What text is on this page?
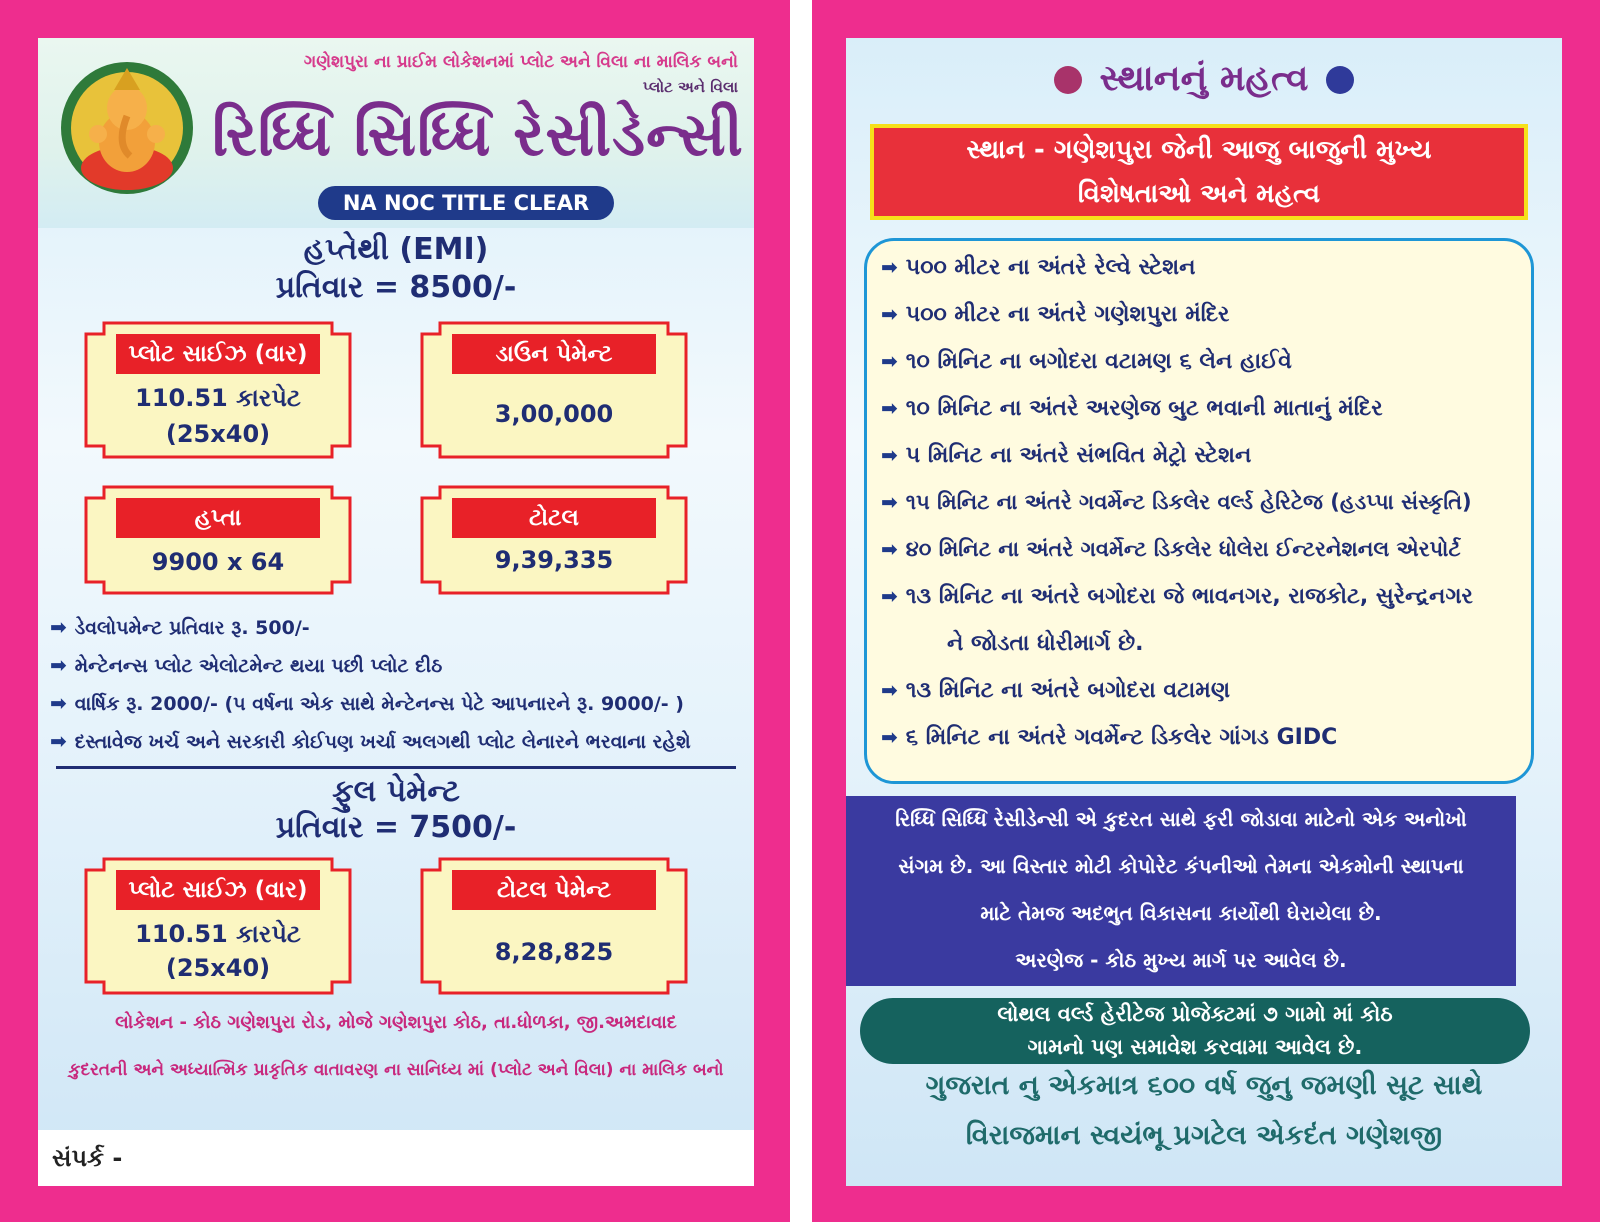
ગણેશપુરા ના પ્રાઈમ લોકેશનમાં પ્લોટ અને વિલા ના માલિક બનો
પ્લોટ અને વિલા
રિધ્ધિ સિધ્ધિ રેસીડેન્સી
NA NOC TITLE CLEAR
હપ્તેથી (EMI)
પ્રતિવાર = 8500/-
પ્લોટ સાઈઝ (વાર)
110.51 કારપેટ
(25x40)
ડાઉન પેમેન્ટ
3,00,000
હપ્તા
9900 x 64
ટોટલ
9,39,335
➡ ડેવલોપમેન્ટ પ્રતિવાર રૂ. 500/-
➡ મેન્ટેનન્સ પ્લોટ એલોટમેન્ટ થયા પછી પ્લોટ દીઠ
➡ વાર્ષિક રૂ. 2000/- (૫ વર્ષના એક સાથે મેન્ટેનન્સ પેટે આપનારને રૂ. 9000/- )
➡ દસ્તાવેજ ખર્ચ અને સરકારી કોઈપણ ખર્ચા અલગથી પ્લોટ લેનારને ભરવાના રહેશે
ફુલ પેમેન્ટ
પ્રતિવાર = 7500/-
પ્લોટ સાઈઝ (વાર)
110.51 કારપેટ
(25x40)
ટોટલ પેમેન્ટ
8,28,825
લોકેશન - કોઠ ગણેશપુરા રોડ, મોજે ગણેશપુરા કોઠ, તા.ધોળકા, જી.અમદાવાદ
કુદરતની અને અધ્યાત્મિક પ્રાકૃતિક વાતાવરણ ના સાનિધ્ય માં (પ્લોટ અને વિલા) ના માલિક બનો
સંપર્ક -
સ્થાનનું મહત્વ
સ્થાન - ગણેશપુરા જેની આજુ બાજુની મુખ્ય
વિશેષતાઓ અને મહત્વ
➡ ૫૦૦ મીટર ના અંતરે રેલ્વે સ્ટેશન
➡ ૫૦૦ મીટર ના અંતરે ગણેશપુરા મંદિર
➡ ૧૦ મિનિટ ના બગોદરા વટામણ ૬ લેન હાઈવે
➡ ૧૦ મિનિટ ના અંતરે અરણેજ બુટ ભવાની માતાનું મંદિર
➡ ૫ મિનિટ ના અંતરે સંભવિત મેટ્રો સ્ટેશન
➡ ૧૫ મિનિટ ના અંતરે ગવર્મેન્ટ ડિકલેર વર્લ્ડ હેરિટેજ (હડપ્પા સંસ્કૃતિ)
➡ ૪૦ મિનિટ ના અંતરે ગવર્મેન્ટ ડિકલેર ધોલેરા ઈન્ટરનેશનલ એરપોર્ટ
➡ ૧૩ મિનિટ ના અંતરે બગોદરા જે ભાવનગર, રાજકોટ, સુરેન્દ્રનગર
ને જોડતા ધોરીમાર્ગ છે.
➡ ૧૩ મિનિટ ના અંતરે બગોદરા વટામણ
➡ ૬ મિનિટ ના અંતરે ગવર્મેન્ટ ડિકલેર ગાંગડ GIDC
રિધ્ધિ સિધ્ધિ રેસીડેન્સી એ કુદરત સાથે ફરી જોડાવા માટેનો એક અનોખો
સંગમ છે. આ વિસ્તાર મોટી કોપોરેટ કંપનીઓ તેમના એકમોની સ્થાપના
માટે તેમજ અદભુત વિકાસના કાર્યોથી ઘેરાયેલા છે.
અરણેજ - કોઠ મુખ્ય માર્ગ પર આવેલ છે.
લોથલ વર્લ્ડ હેરીટેજ પ્રોજેક્ટમાં ૭ ગામો માં કોઠ
ગામનો પણ સમાવેશ કરવામા આવેલ છે.
ગુજરાત નુ એકમાત્ર ૬૦૦ વર્ષ જુનુ જમણી સૂટ સાથે
વિરાજમાન સ્વયંભૂ પ્રગટેલ એકદંત ગણેશજી
